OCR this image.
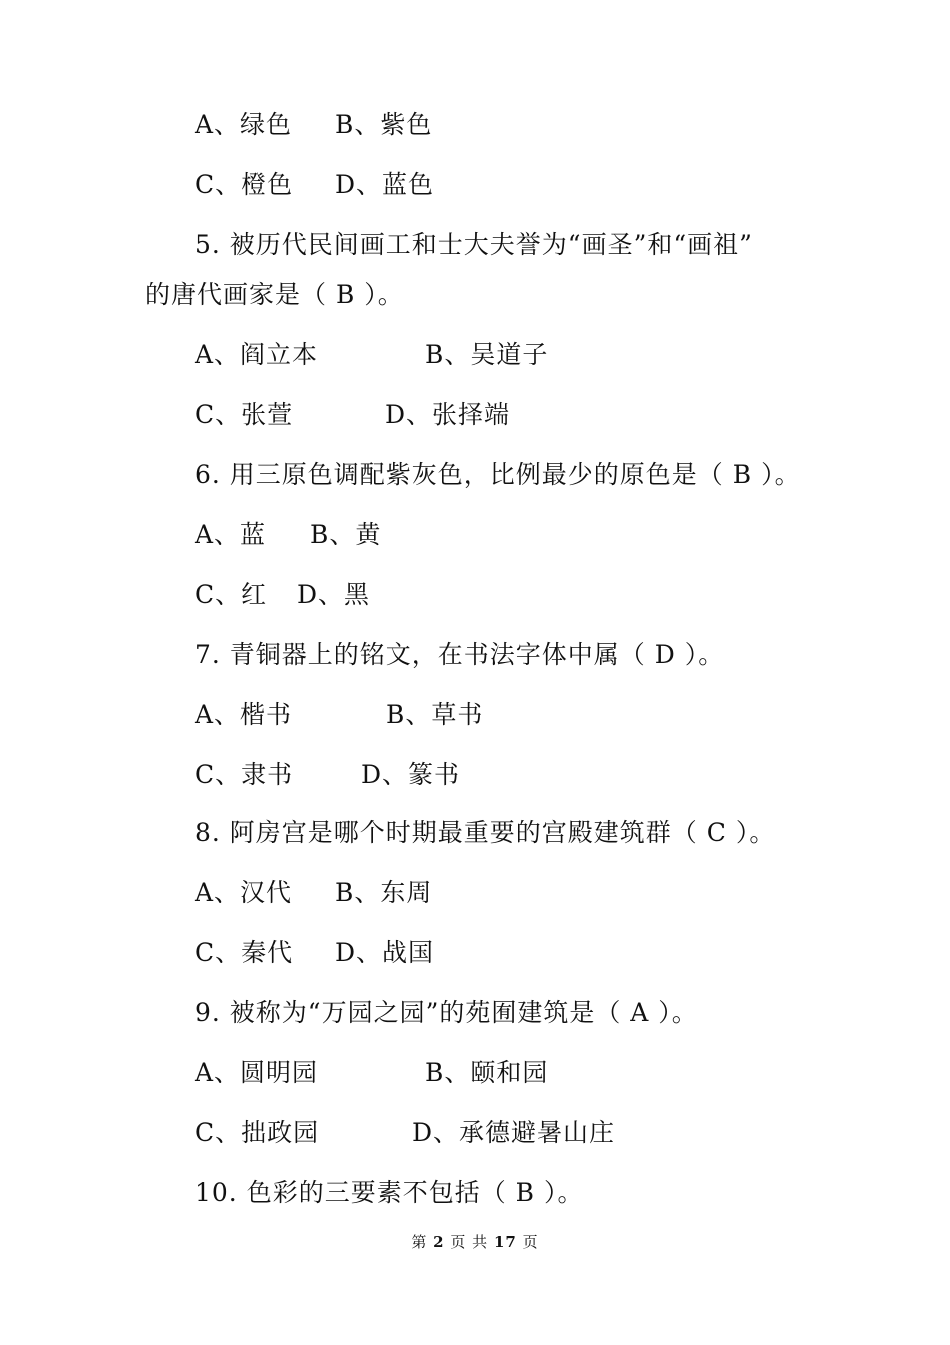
A、绿色 B、紫色
C、橙色 D、蓝色
5. 被历代民间画工和士大夫誉为“画圣”和“画祖”
的唐代画家是（ B ）。
A、阎立本	B、吴道子
C、张萱	D、张择端
6. 用三原色调配紫灰色，比例最少的原色是（ B ）。
A、蓝 B、黄
C、红 D、黑
7. 青铜器上的铭文，在书法字体中属（ D ）。
A、楷书	B、草书
C、隶书	D、篆书
8. 阿房宫是哪个时期最重要的宫殿建筑群（ C ）。
A、汉代 B、东周
C、秦代 D、战国
9. 被称为“万园之园”的苑囿建筑是（ A ）。
A、圆明园	B、颐和园
C、拙政园	D、承德避暑山庄
10. 色彩的三要素不包括（ B ）。
第 2 页 共 17 页
